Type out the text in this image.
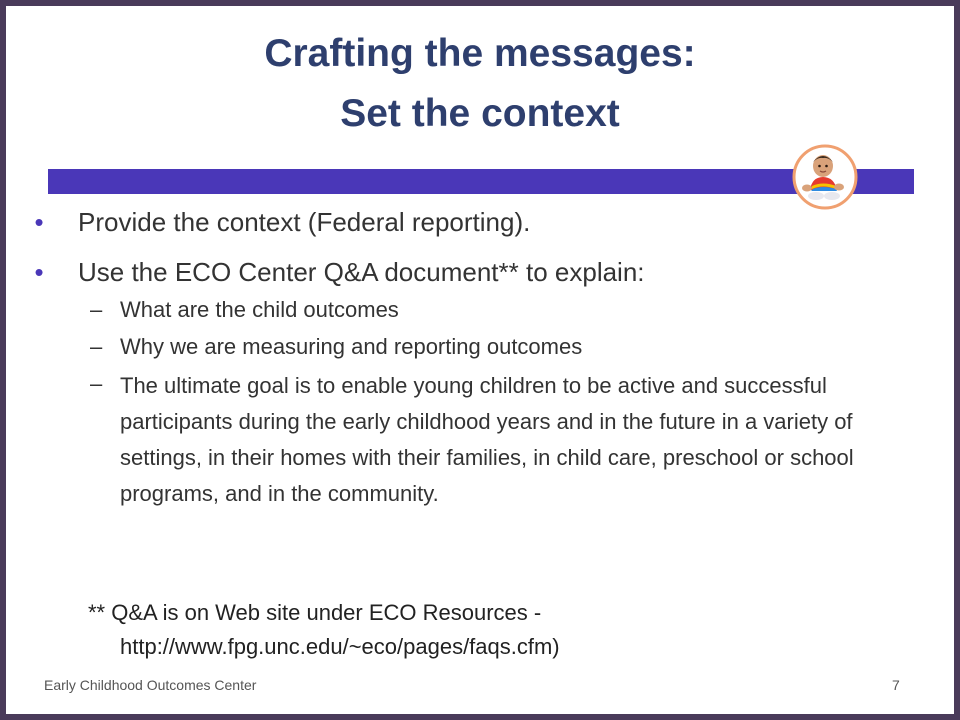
Crafting the messages:
Set the context
•	Provide the context (Federal reporting).
•	Use the ECO Center Q&A document** to explain:
– What are the child outcomes
– Why we are measuring and reporting outcomes
– The ultimate goal is to enable young children to be active and successful participants during the early childhood years and in the future in a variety of settings, in their homes with their families, in child care, preschool or school programs, and in the community.
** Q&A is on Web site under ECO Resources -
http://www.fpg.unc.edu/~eco/pages/faqs.cfm)
Early Childhood Outcomes Center	7
